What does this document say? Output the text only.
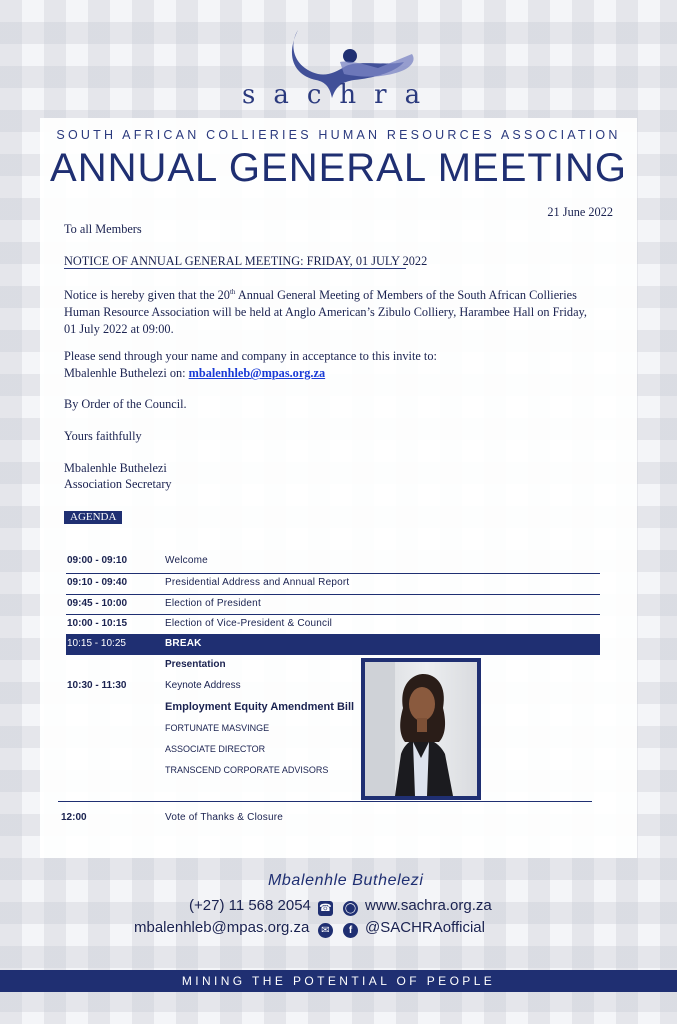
sachra
SOUTH AFRICAN COLLIERIES HUMAN RESOURCES ASSOCIATION
ANNUAL GENERAL MEETING
21 June 2022
To all Members
NOTICE OF ANNUAL GENERAL MEETING: FRIDAY, 01 JULY 2022
Notice is hereby given that the 20th Annual General Meeting of Members of the South African Collieries
Human Resource Association will be held at Anglo American’s Zibulo Colliery, Harambee Hall on Friday,
01 July 2022 at 09:00.
Please send through your name and company in acceptance to this invite to:
Mbalenhle Buthelezi on: mbalenhleb@mpas.org.za
By Order of the Council.
Yours faithfully
Mbalenhle Buthelezi
Association Secretary
AGENDA
09:00 - 09:10	Welcome
09:10 - 09:40	Presidential Address and Annual Report
09:45 - 10:00	Election of President
10:00 - 10:15	Election of Vice-President & Council
10:15 - 10:25	BREAK
Presentation
10:30 - 11:30	Keynote Address
Employment Equity Amendment Bill
FORTUNATE MASVINGE
ASSOCIATE DIRECTOR
TRANSCEND CORPORATE ADVISORS
12:00	Vote of Thanks & Closure
Mbalenhle Buthelezi
(+27) 11 568 2054 ☎ ◯ www.sachra.org.za
mbalenhleb@mpas.org.za	✉	f @SACHRAofficial
MINING THE POTENTIAL OF PEOPLE
